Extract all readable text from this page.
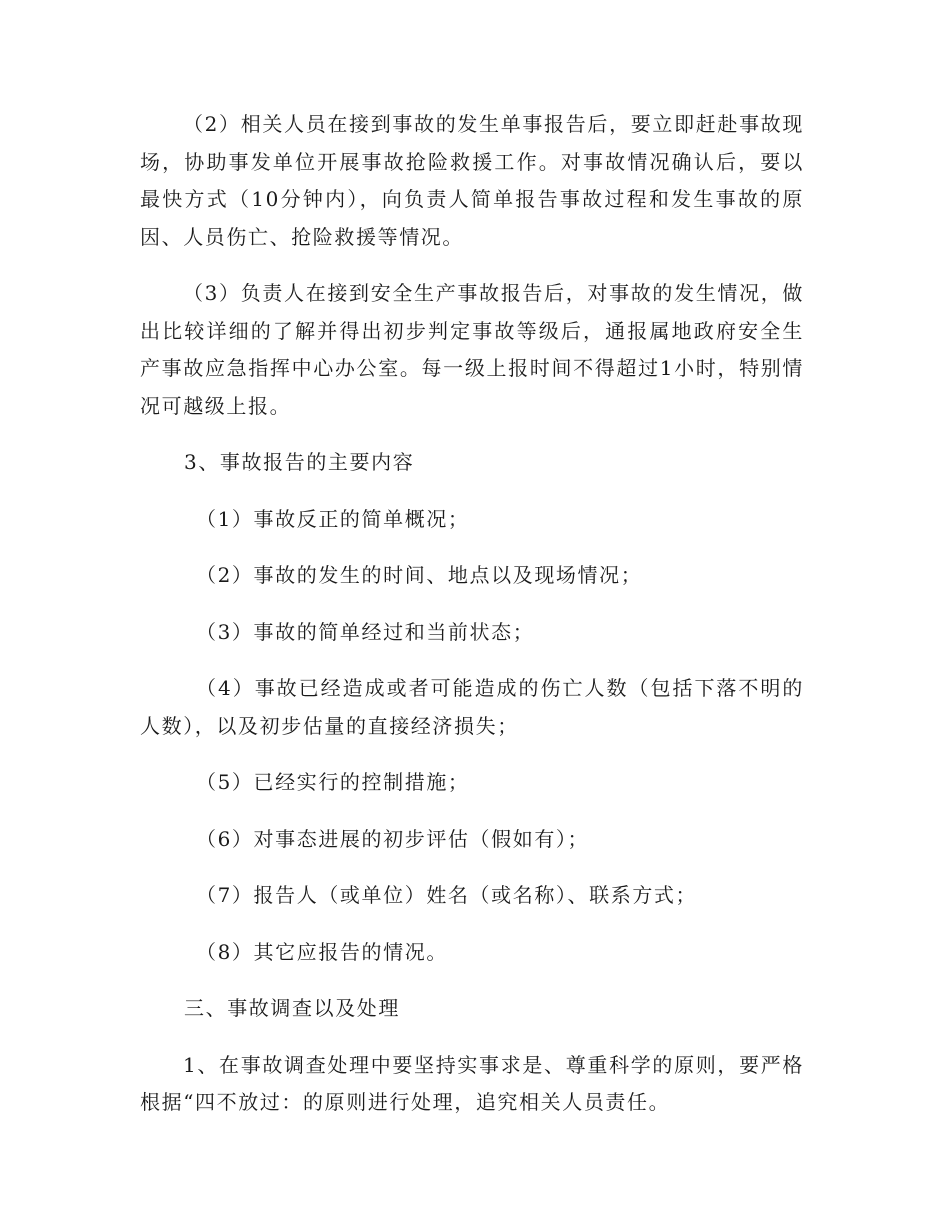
（2）相关人员在接到事故的发生单事报告后，要立即赶赴事故现场，协助事发单位开展事故抢险救援工作。对事故情况确认后，要以最快方式（10分钟内），向负责人简单报告事故过程和发生事故的原因、人员伤亡、抢险救援等情况。

（3）负责人在接到安全生产事故报告后，对事故的发生情况，做出比较详细的了解并得出初步判定事故等级后，通报属地政府安全生产事故应急指挥中心办公室。每一级上报时间不得超过1小时，特别情况可越级上报。

3、事故报告的主要内容

（1）事故反正的简单概况；

（2）事故的发生的时间、地点以及现场情况；

（3）事故的简单经过和当前状态；

（4）事故已经造成或者可能造成的伤亡人数（包括下落不明的人数），以及初步估量的直接经济损失；

（5）已经实行的控制措施；

（6）对事态进展的初步评估（假如有）；

（7）报告人（或单位）姓名（或名称）、联系方式；

（8）其它应报告的情况。

三、事故调查以及处理

1、在事故调查处理中要坚持实事求是、尊重科学的原则，要严格根据“四不放过：的原则进行处理，追究相关人员责任。
